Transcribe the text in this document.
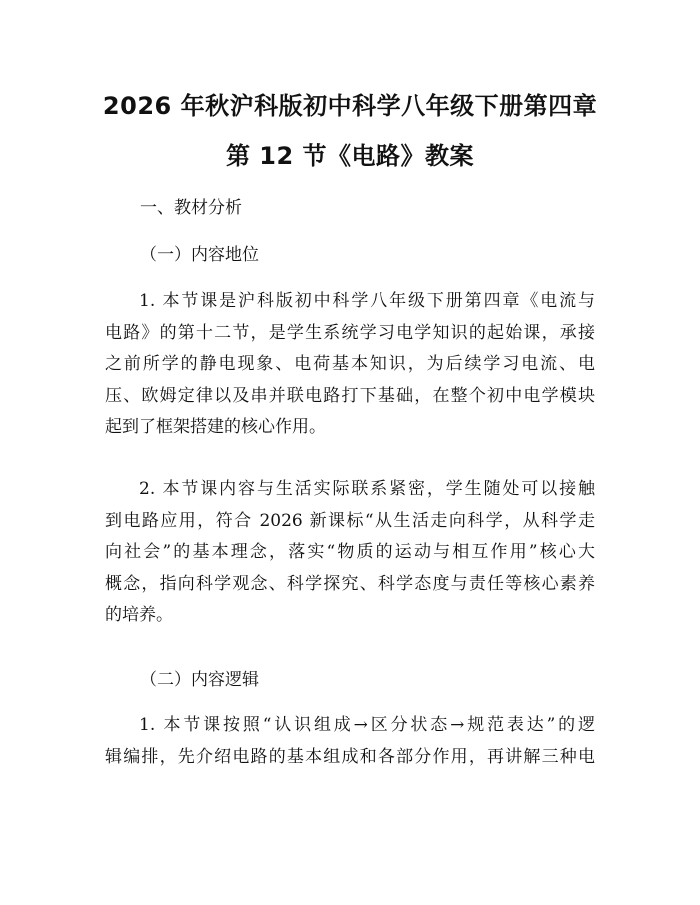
2026 年秋沪科版初中科学八年级下册第四章
第 12 节《电路》教案
一、教材分析
（一）内容地位
1. 本节课是沪科版初中科学八年级下册第四章《电流与
电路》的第十二节，是学生系统学习电学知识的起始课，承接
之前所学的静电现象、电荷基本知识，为后续学习电流、电
压、欧姆定律以及串并联电路打下基础，在整个初中电学模块
起到了框架搭建的核心作用。
2. 本节课内容与生活实际联系紧密，学生随处可以接触
到电路应用，符合 2026 新课标“从生活走向科学，从科学走
向社会”的基本理念，落实“物质的运动与相互作用”核心大
概念，指向科学观念、科学探究、科学态度与责任等核心素养
的培养。
（二）内容逻辑
1. 本节课按照“认识组成→区分状态→规范表达”的逻
辑编排，先介绍电路的基本组成和各部分作用，再讲解三种电
